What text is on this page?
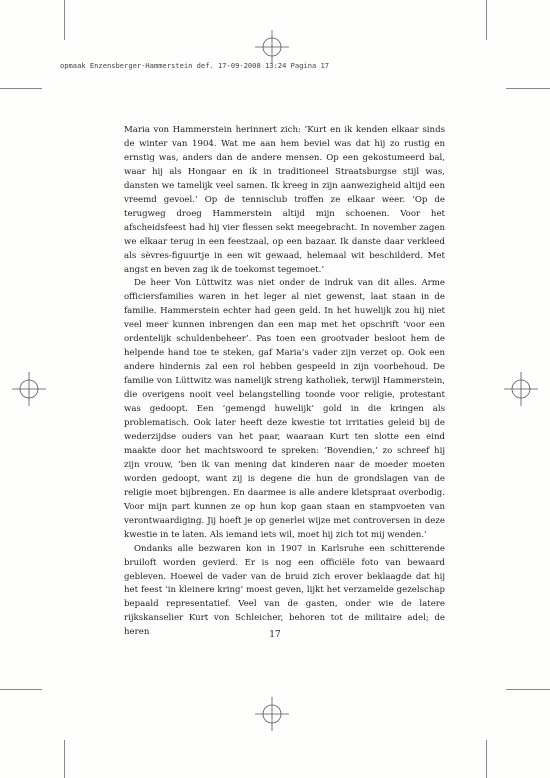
opmaak Enzensberger-Hammerstein def. 17-09-2008 13:24 Pagina 17

Maria von Hammerstein herinnert zich: ‘Kurt en ik kenden elkaar sinds de winter van 1904. Wat me aan hem beviel was dat hij zo rustig en ernstig was, anders dan de andere mensen. Op een gekostumeerd bal, waar hij als Hongaar en ik in traditioneel Straatsburgse stijl was, dansten we tamelijk veel samen. Ik kreeg in zijn aanwezigheid altijd een vreemd gevoel.’ Op de tennisclub troffen ze elkaar weer. ‘Op de terugweg droeg Hammerstein altijd mijn schoenen. Voor het afscheidsfeest had hij vier flessen sekt meegebracht. In november zagen we elkaar terug in een feestzaal, op een bazaar. Ik danste daar verkleed als sèvres-figuurtje in een wit gewaad, helemaal wit beschilderd. Met angst en beven zag ik de toekomst tegemoet.’

De heer Von Lüttwitz was niet onder de indruk van dit alles. Arme officiersfamilies waren in het leger al niet gewenst, laat staan in de familie. Hammerstein echter had geen geld. In het huwelijk zou hij niet veel meer kunnen inbrengen dan een map met het opschrift ‘voor een ordentelijk schuldenbeheer’. Pas toen een grootvader besloot hem de helpende hand toe te steken, gaf Maria’s vader zijn verzet op. Ook een andere hindernis zal een rol hebben gespeeld in zijn voorbehoud. De familie von Lüttwitz was namelijk streng katholiek, terwijl Hammerstein, die overigens nooit veel belangstelling toonde voor religie, protestant was gedoopt. Een ‘gemengd huwelijk’ gold in die kringen als problematisch. Ook later heeft deze kwestie tot irritaties geleid bij de wederzijdse ouders van het paar, waaraan Kurt ten slotte een eind maakte door het machtswoord te spreken: ‘Bovendien,’ zo schreef hij zijn vrouw, ‘ben ik van mening dat kinderen naar de moeder moeten worden gedoopt, want zij is degene die hun de grondslagen van de religie moet bijbrengen. En daarmee is alle andere kletspraat overbodig. Voor mijn part kunnen ze op hun kop gaan staan en stampvoeten van verontwaardiging. Jij hoeft je op generlei wijze met controversen in deze kwestie in te laten. Als iemand iets wil, moet hij zich tot mij wenden.’

Ondanks alle bezwaren kon in 1907 in Karlsruhe een schitterende bruiloft worden gevierd. Er is nog een officiële foto van bewaard gebleven. Hoewel de vader van de bruid zich erover beklaagde dat hij het feest ‘in kleinere kring’ moest geven, lijkt het verzamelde gezelschap bepaald representatief. Veel van de gasten, onder wie de latere rijkskanselier Kurt von Schleicher, behoren tot de militaire adel; de heren	17
